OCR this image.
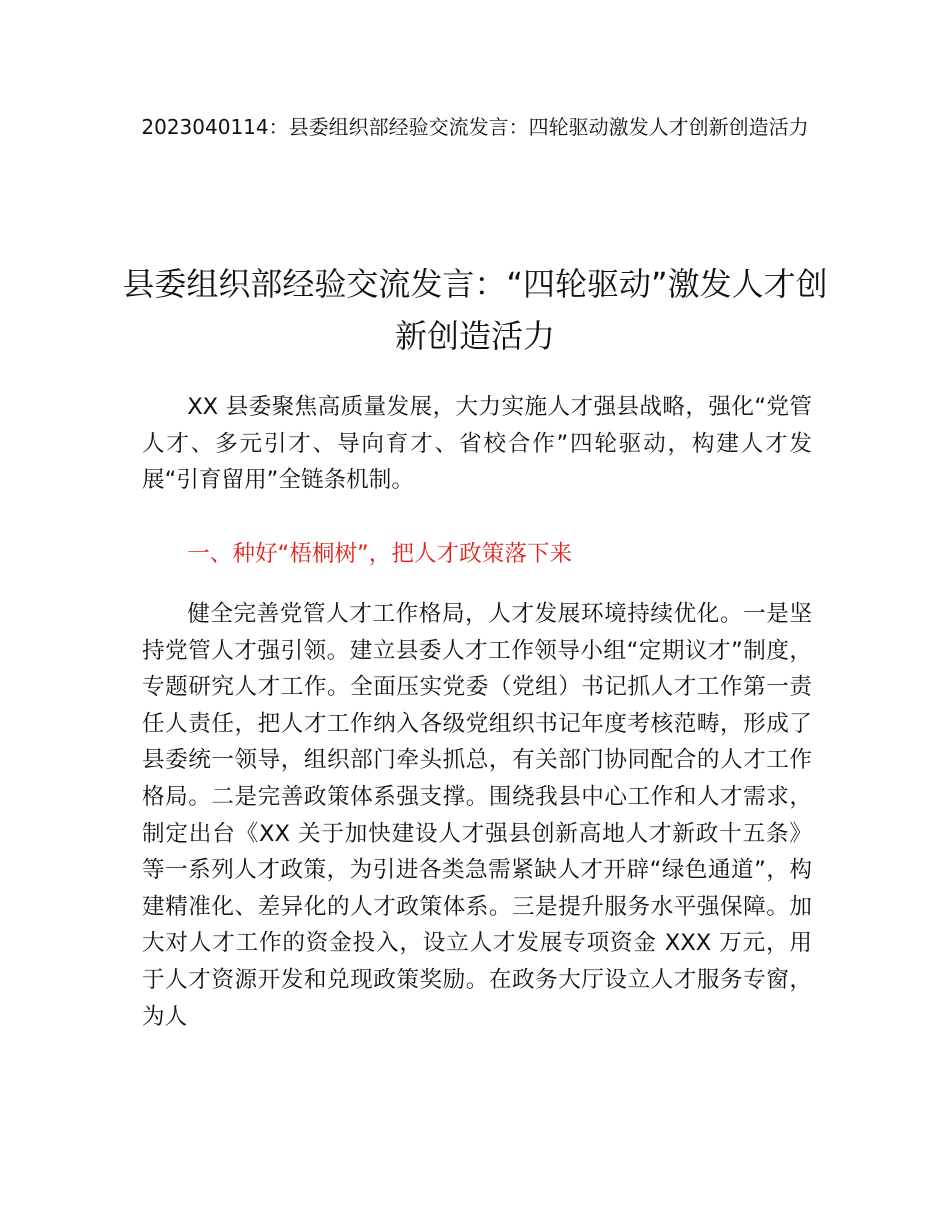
2023040114：县委组织部经验交流发言：四轮驱动激发人才创新创造活力
县委组织部经验交流发言：“四轮驱动”激发人才创新创造活力

XX 县委聚焦高质量发展，大力实施人才强县战略，强化“党管人才、多元引才、导向育才、省校合作”四轮驱动，构建人才发展“引育留用”全链条机制。

一、种好“梧桐树”，把人才政策落下来

健全完善党管人才工作格局，人才发展环境持续优化。一是坚持党管人才强引领。建立县委人才工作领导小组“定期议才”制度，专题研究人才工作。全面压实党委（党组）书记抓人才工作第一责任人责任，把人才工作纳入各级党组织书记年度考核范畴，形成了县委统一领导，组织部门牵头抓总，有关部门协同配合的人才工作格局。二是完善政策体系强支撑。围绕我县中心工作和人才需求，制定出台《XX 关于加快建设人才强县创新高地人才新政十五条》等一系列人才政策，为引进各类急需紧缺人才开辟“绿色通道”，构建精准化、差异化的人才政策体系。三是提升服务水平强保障。加大对人才工作的资金投入，设立人才发展专项资金 XXX 万元，用于人才资源开发和兑现政策奖励。在政务大厅设立人才服务专窗，为人
